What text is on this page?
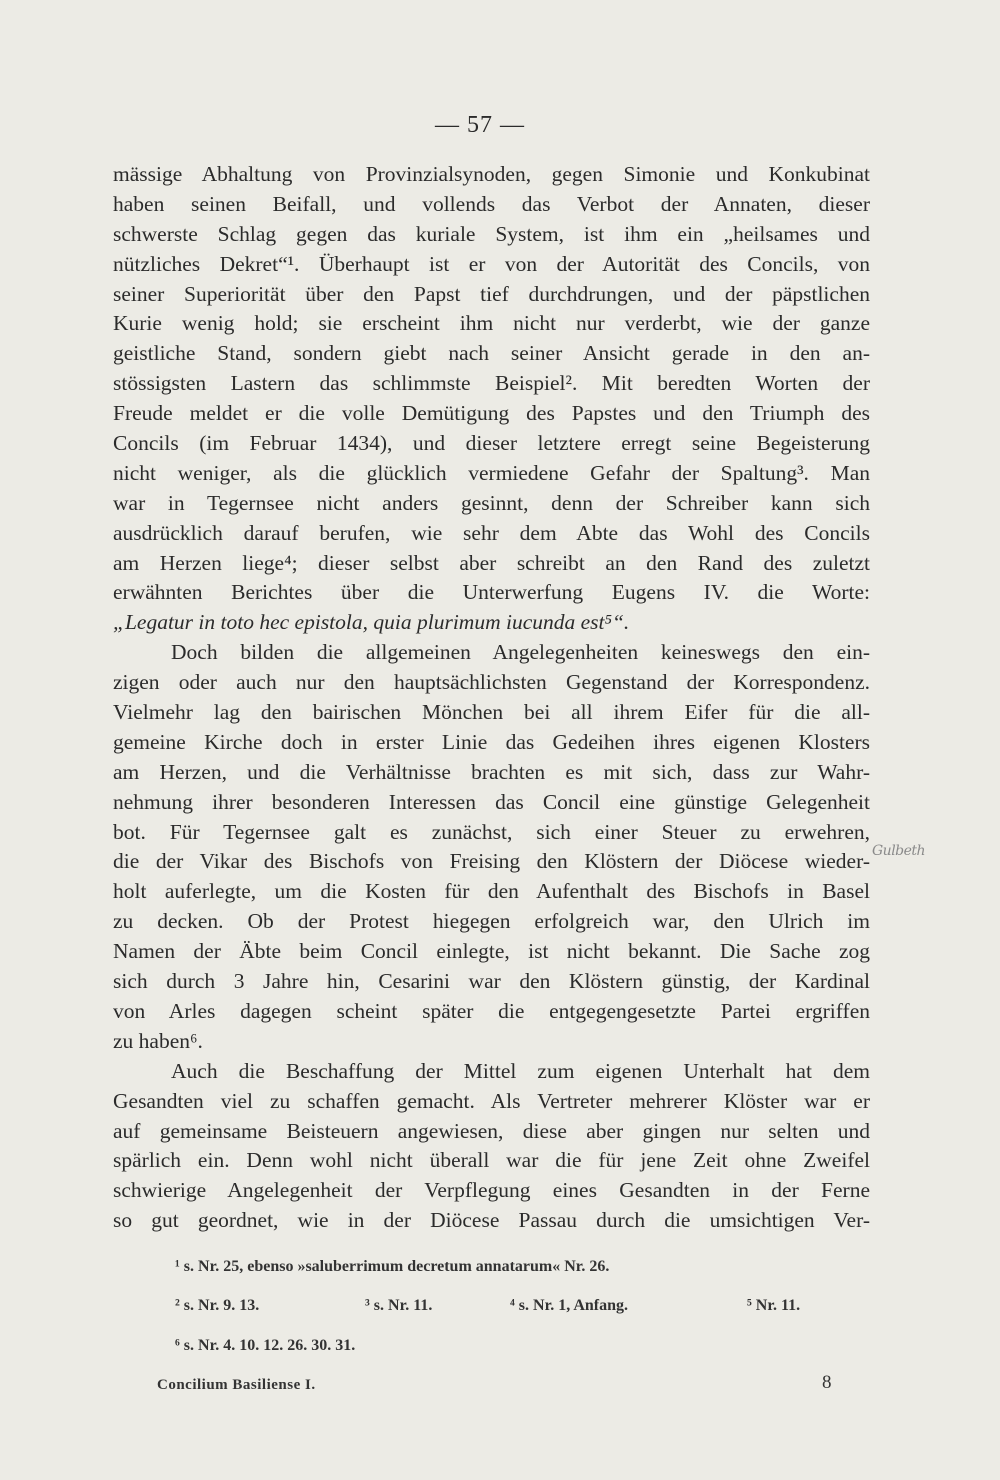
— 57 —
mässige Abhaltung von Provinzialsynoden, gegen Simonie und Konkubinat
haben seinen Beifall, und vollends das Verbot der Annaten, dieser
schwerste Schlag gegen das kuriale System, ist ihm ein „heilsames und
nützliches Dekret“¹. Überhaupt ist er von der Autorität des Concils, von
seiner Superiorität über den Papst tief durchdrungen, und der päpstlichen
Kurie wenig hold; sie erscheint ihm nicht nur verderbt, wie der ganze
geistliche Stand, sondern giebt nach seiner Ansicht gerade in den an-
stössigsten Lastern das schlimmste Beispiel². Mit beredten Worten der
Freude meldet er die volle Demütigung des Papstes und den Triumph des
Concils (im Februar 1434), und dieser letztere erregt seine Begeisterung
nicht weniger, als die glücklich vermiedene Gefahr der Spaltung³. Man
war in Tegernsee nicht anders gesinnt, denn der Schreiber kann sich
ausdrücklich darauf berufen, wie sehr dem Abte das Wohl des Concils
am Herzen liege⁴; dieser selbst aber schreibt an den Rand des zuletzt
erwähnten Berichtes über die Unterwerfung Eugens IV. die Worte:
„Legatur in toto hec epistola, quia plurimum iucunda est⁵“.
Doch bilden die allgemeinen Angelegenheiten keineswegs den ein-
zigen oder auch nur den hauptsächlichsten Gegenstand der Korrespondenz.
Vielmehr lag den bairischen Mönchen bei all ihrem Eifer für die all-
gemeine Kirche doch in erster Linie das Gedeihen ihres eigenen Klosters
am Herzen, und die Verhältnisse brachten es mit sich, dass zur Wahr-
nehmung ihrer besonderen Interessen das Concil eine günstige Gelegenheit
bot. Für Tegernsee galt es zunächst, sich einer Steuer zu erwehren,
die der Vikar des Bischofs von Freising den Klöstern der Diöcese wieder-
holt auferlegte, um die Kosten für den Aufenthalt des Bischofs in Basel
zu decken. Ob der Protest hiegegen erfolgreich war, den Ulrich im
Namen der Äbte beim Concil einlegte, ist nicht bekannt. Die Sache zog
sich durch 3 Jahre hin, Cesarini war den Klöstern günstig, der Kardinal
von Arles dagegen scheint später die entgegengesetzte Partei ergriffen
zu haben⁶.
Auch die Beschaffung der Mittel zum eigenen Unterhalt hat dem
Gesandten viel zu schaffen gemacht. Als Vertreter mehrerer Klöster war er
auf gemeinsame Beisteuern angewiesen, diese aber gingen nur selten und
spärlich ein. Denn wohl nicht überall war die für jene Zeit ohne Zweifel
schwierige Angelegenheit der Verpflegung eines Gesandten in der Ferne
so gut geordnet, wie in der Diöcese Passau durch die umsichtigen Ver-
Gulbeth
¹ s. Nr. 25, ebenso »saluberrimum decretum annatarum« Nr. 26.
² s. Nr. 9. 13.	³ s. Nr. 11.	⁴ s. Nr. 1, Anfang.	⁵ Nr. 11.
⁶ s. Nr. 4. 10. 12. 26. 30. 31.
Concilium Basiliense I.	8
